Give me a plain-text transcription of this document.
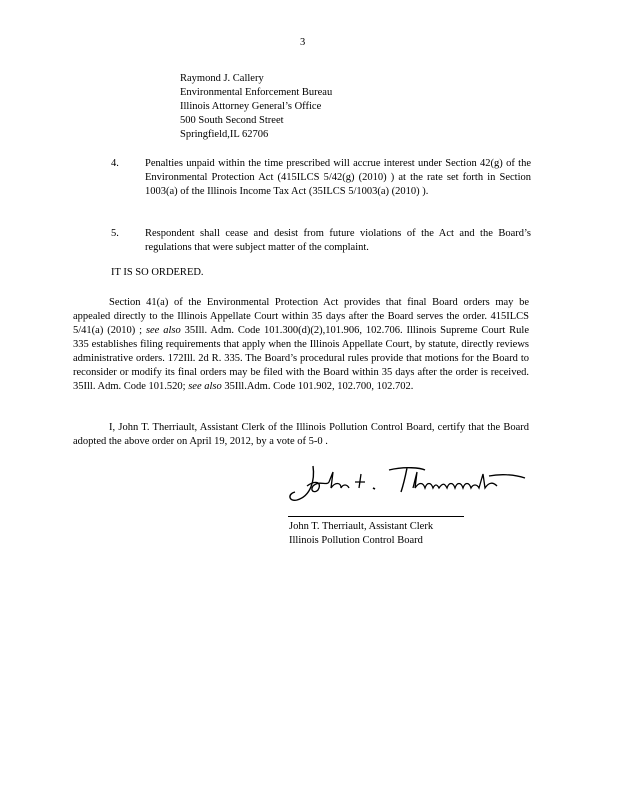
3
Raymond J. Callery
Environmental Enforcement Bureau
Illinois Attorney General’s Office
500 South Second Street
Springfield,IL 62706
4. Penalties unpaid within the time prescribed will accrue interest under Section 42(g) of the Environmental Protection Act (415ILCS 5/42(g) (2010) ) at the rate set forth in Section 1003(a) of the Illinois Income Tax Act (35ILCS 5/1003(a) (2010) ).
5. Respondent shall cease and desist from future violations of the Act and the Board’s regulations that were subject matter of the complaint.
IT IS SO ORDERED.
Section 41(a) of the Environmental Protection Act provides that final Board orders may be appealed directly to the Illinois Appellate Court within 35 days after the Board serves the order. 415ILCS 5/41(a) (2010) ; see also 35Ill. Adm. Code 101.300(d)(2),101.906, 102.706. Illinois Supreme Court Rule 335 establishes filing requirements that apply when the Illinois Appellate Court, by statute, directly reviews administrative orders. 172Ill. 2d R. 335. The Board’s procedural rules provide that motions for the Board to reconsider or modify its final orders may be filed with the Board within 35 days after the order is received. 35Ill. Adm. Code 101.520; see also 35Ill.Adm. Code 101.902, 102.700, 102.702.
I, John T. Therriault, Assistant Clerk of the Illinois Pollution Control Board, certify that the Board adopted the above order on April 19, 2012, by a vote of 5-0 .
John T. Therriault, Assistant Clerk
Illinois Pollution Control Board
